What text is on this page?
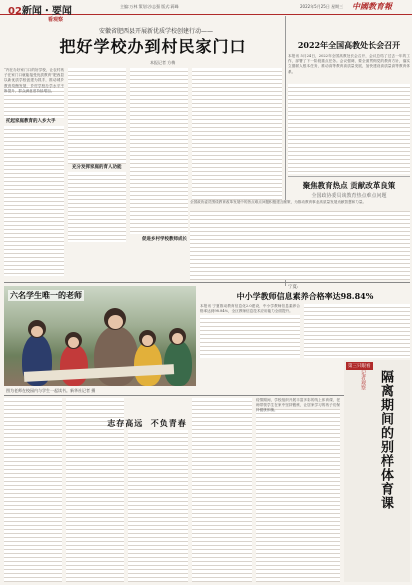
02新闻・要闻	主编:万林 策划:沙志强 版式:蒋峰	2022年5月25日 星期三 中國教育報
看观察
安徽省肥西县开展新优质学校创建行动——
把好学校办到村民家门口
本报记者 方梅
“内在办好家门口的好学校，让农村孩子在家门口就能接受优质教育”肥西县以新优质学校创建为抓手，推动城乡教育均衡发展，乡村学校办学水平不断提升，群众满意度持续增加。
托起家庭教育的入乡大手
充分发挥家庭的育人功能
促进乡村学校教师成长
2022年全国高教处长会召开
本报讯 5月24日，2022年全国高教处长会召开，会议总结了过去一年的工作，部署了下一阶段重点任务。会议强调，要全面贯彻党的教育方针，落实立德树人根本任务，推动高等教育高质量发展，加快建设高质量高等教育体系。
聚焦教育热点 贡献改革良策
全国政协委员谈教育热点难点问题
全国政协委员围绕教育改革发展中的热点难点问题积极建言献策，为推动教育事业高质量发展贡献智慧和力量。
宁夏:
中小学教师信息素养合格率达98.84%
本报讯 宁夏推动教育信息化2.0建设，中小学教师信息素养合格率达到98.84%，全区教师信息技术应用能力全面提升。
六名学生唯一的老师
图为老师在校园内与学生一起读书。新华社记者 摄
志存高远 不负青春
疫情期间，学校组织开展丰富多彩的线上体育课，老师带领学生在家中坚持锻炼，让居家学习的孩子们保持健康体魄。	隔离期间的别样体育课
记者观察
第三只眼看
